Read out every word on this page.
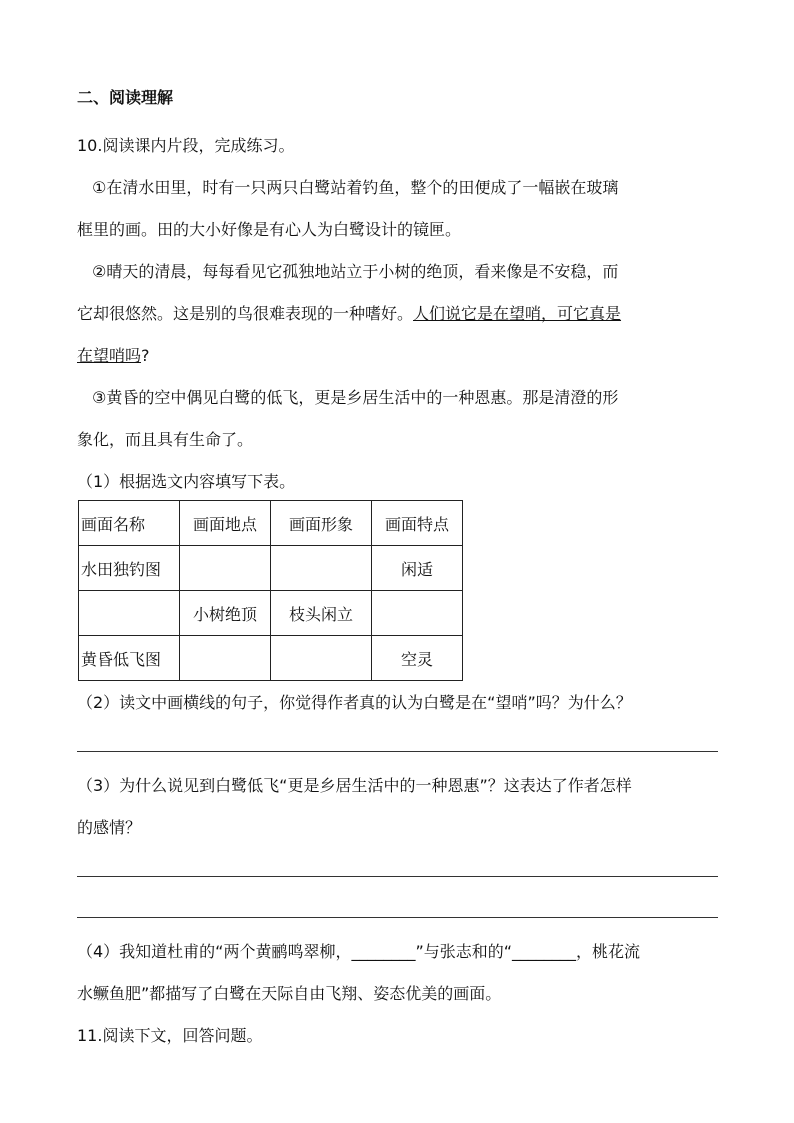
二、阅读理解
10.阅读课内片段，完成练习。
①在清水田里，时有一只两只白鹭站着钓鱼，整个的田便成了一幅嵌在玻璃
框里的画。田的大小好像是有心人为白鹭设计的镜匣。
②晴天的清晨，每每看见它孤独地站立于小树的绝顶，看来像是不安稳，而
它却很悠然。这是别的鸟很难表现的一种嗜好。人们说它是在望哨，可它真是
在望哨吗?
③黄昏的空中偶见白鹭的低飞，更是乡居生活中的一种恩惠。那是清澄的形
象化，而且具有生命了。
（1）根据选文内容填写下表。
画面名称	画面地点	画面形象	画面特点
水田独钓图			闲适
	小树绝顶	枝头闲立	
黄昏低飞图			空灵
（2）读文中画横线的句子，你觉得作者真的认为白鹭是在“望哨”吗？为什么？
（3）为什么说见到白鹭低飞“更是乡居生活中的一种恩惠”？这表达了作者怎样
的感情？
（4）我知道杜甫的“两个黄鹂鸣翠柳，________”与张志和的“________，桃花流
水鳜鱼肥”都描写了白鹭在天际自由飞翔、姿态优美的画面。
11.阅读下文，回答问题。
